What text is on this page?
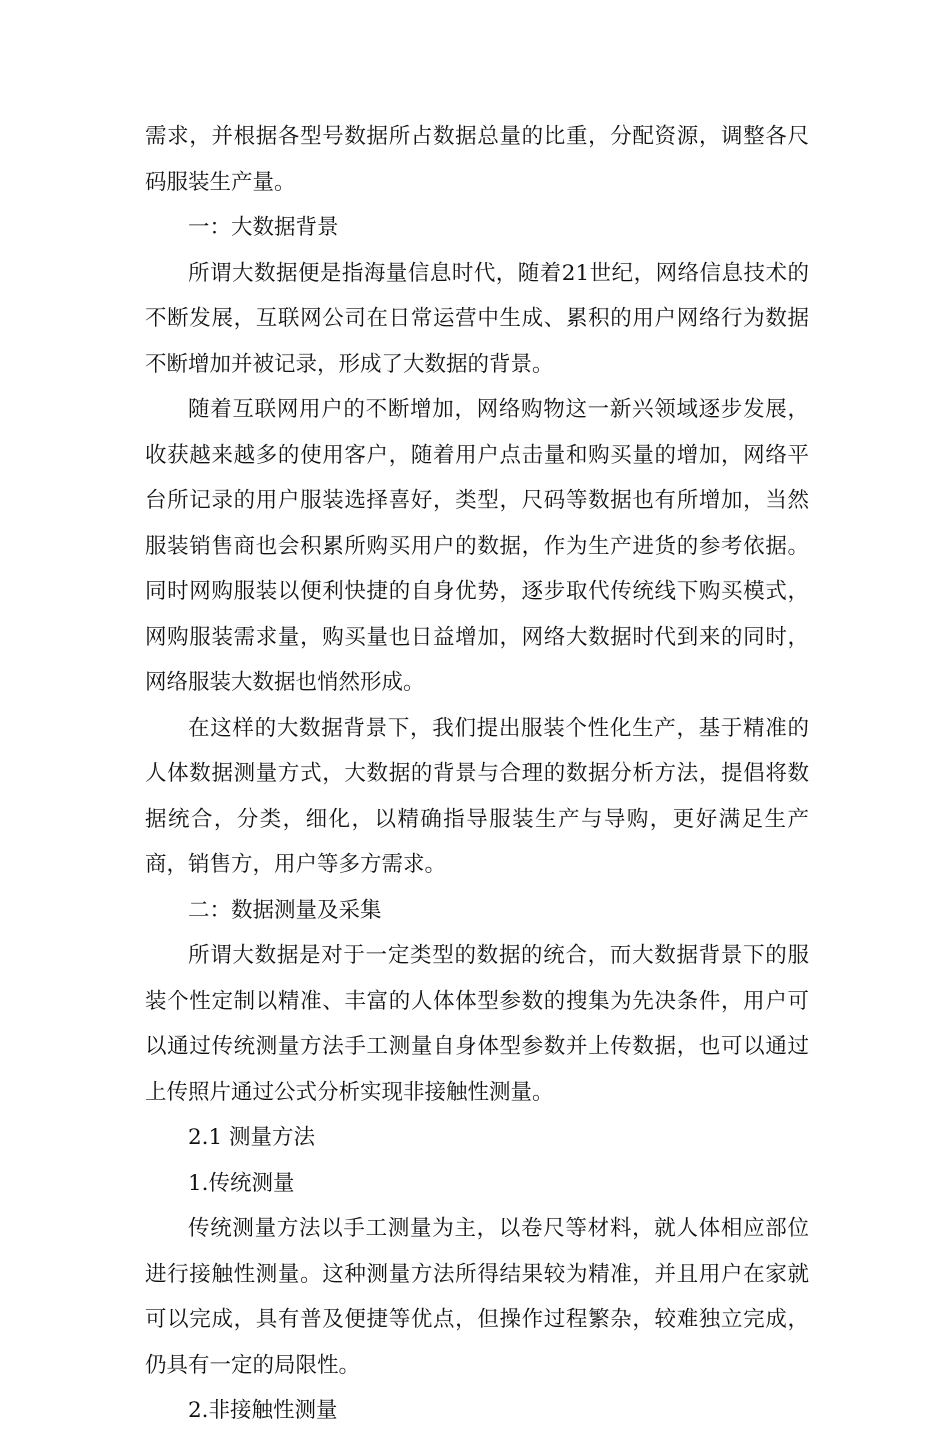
需求，并根据各型号数据所占数据总量的比重，分配资源，调整各尺码服装生产量。

一：大数据背景

所谓大数据便是指海量信息时代，随着21世纪，网络信息技术的不断发展，互联网公司在日常运营中生成、累积的用户网络行为数据不断增加并被记录，形成了大数据的背景。

随着互联网用户的不断增加，网络购物这一新兴领域逐步发展，收获越来越多的使用客户，随着用户点击量和购买量的增加，网络平台所记录的用户服装选择喜好，类型，尺码等数据也有所增加，当然服装销售商也会积累所购买用户的数据，作为生产进货的参考依据。同时网购服装以便利快捷的自身优势，逐步取代传统线下购买模式，网购服装需求量，购买量也日益增加，网络大数据时代到来的同时，网络服装大数据也悄然形成。

在这样的大数据背景下，我们提出服装个性化生产，基于精准的人体数据测量方式，大数据的背景与合理的数据分析方法，提倡将数据统合，分类，细化，以精确指导服装生产与导购，更好满足生产商，销售方，用户等多方需求。

二：数据测量及采集

所谓大数据是对于一定类型的数据的统合，而大数据背景下的服装个性定制以精准、丰富的人体体型参数的搜集为先决条件，用户可以通过传统测量方法手工测量自身体型参数并上传数据，也可以通过上传照片通过公式分析实现非接触性测量。

2.1 测量方法

1.传统测量

传统测量方法以手工测量为主，以卷尺等材料，就人体相应部位进行接触性测量。这种测量方法所得结果较为精准，并且用户在家就可以完成，具有普及便捷等优点，但操作过程繁杂，较难独立完成，仍具有一定的局限性。

2.非接触性测量
